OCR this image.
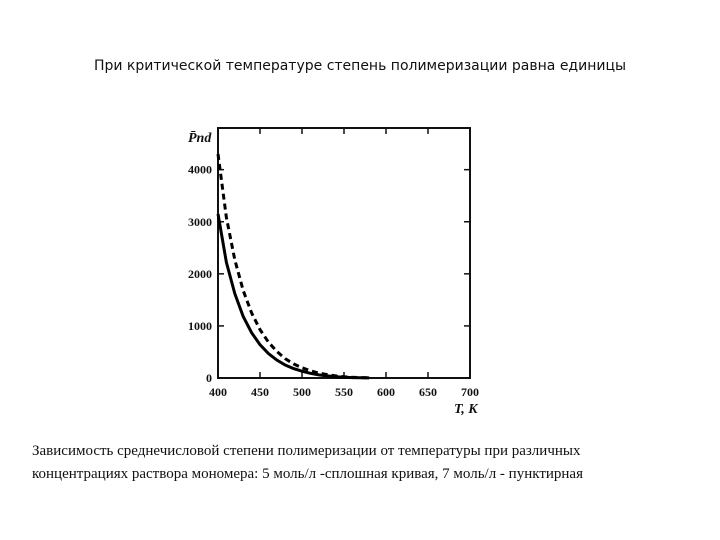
При критической температуре степень полимеризации равна единицы
0
1000
2000
3000
4000
400 450 500 550 600 650 700
P̄nd
T, K
Зависимость среднечисловой степени полимеризации от температуры при различных
концентрациях раствора мономера: 5 моль/л -сплошная кривая, 7 моль/л - пунктирная
